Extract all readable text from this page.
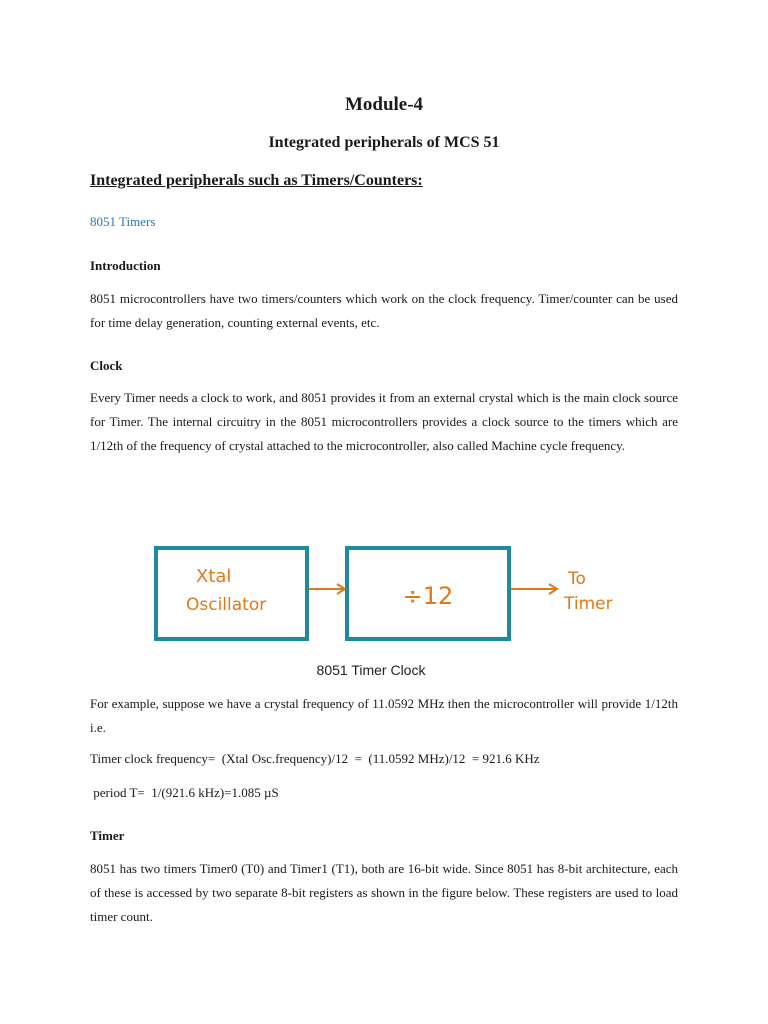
Module-4
Integrated peripherals of MCS 51
Integrated peripherals such as Timers/Counters:
8051 Timers
Introduction

8051 microcontrollers have two timers/counters which work on the clock frequency. Timer/counter can be used for time delay generation, counting external events, etc.

Clock

Every Timer needs a clock to work, and 8051 provides it from an external crystal which is the main clock source for Timer. The internal circuitry in the 8051 microcontrollers provides a clock source to the timers which are 1/12th of the frequency of crystal attached to the microcontroller, also called Machine cycle frequency.

Xtal
Oscillator	÷12
To
Timer
8051 Timer Clock

For example, suppose we have a crystal frequency of 11.0592 MHz then the microcontroller will provide 1/12th i.e.

Timer clock frequency=  (Xtal Osc.frequency)/12  =  (11.0592 MHz)/12  = 921.6 KHz
period T=  1/(921.6 kHz)=1.085 µS
Timer

8051 has two timers Timer0 (T0) and Timer1 (T1), both are 16-bit wide. Since 8051 has 8-bit architecture, each of these is accessed by two separate 8-bit registers as shown in the figure below. These registers are used to load timer count.
